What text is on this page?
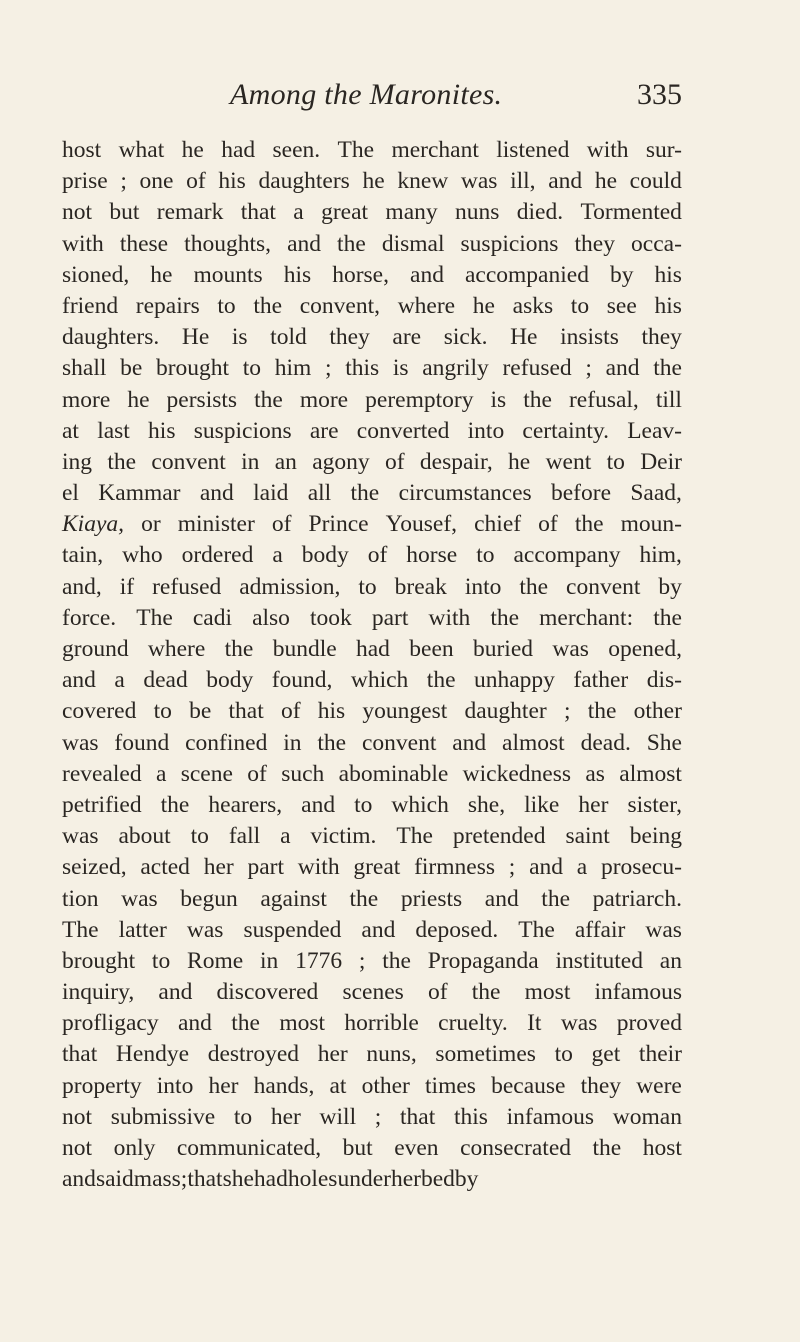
Among the Maronites.	335
host what he had seen. The merchant listened with sur-
prise ; one of his daughters he knew was ill, and he could
not but remark that a great many nuns died. Tormented
with these thoughts, and the dismal suspicions they occa-
sioned, he mounts his horse, and accompanied by his
friend repairs to the convent, where he asks to see his
daughters. He is told they are sick. He insists they
shall be brought to him ; this is angrily refused ; and the
more he persists the more peremptory is the refusal, till
at last his suspicions are converted into certainty. Leav-
ing the convent in an agony of despair, he went to Deir
el Kammar and laid all the circumstances before Saad,
Kiaya, or minister of Prince Yousef, chief of the moun-
tain, who ordered a body of horse to accompany him,
and, if refused admission, to break into the convent by
force. The cadi also took part with the merchant: the
ground where the bundle had been buried was opened,
and a dead body found, which the unhappy father dis-
covered to be that of his youngest daughter ; the other
was found confined in the convent and almost dead. She
revealed a scene of such abominable wickedness as almost
petrified the hearers, and to which she, like her sister,
was about to fall a victim. The pretended saint being
seized, acted her part with great firmness ; and a prosecu-
tion was begun against the priests and the patriarch.
The latter was suspended and deposed. The affair was
brought to Rome in 1776 ; the Propaganda instituted an
inquiry, and discovered scenes of the most infamous
profligacy and the most horrible cruelty. It was proved
that Hendye destroyed her nuns, sometimes to get their
property into her hands, at other times because they were
not submissive to her will ; that this infamous woman
not only communicated, but even consecrated the host
and said mass ; that she had holes under her bed by
